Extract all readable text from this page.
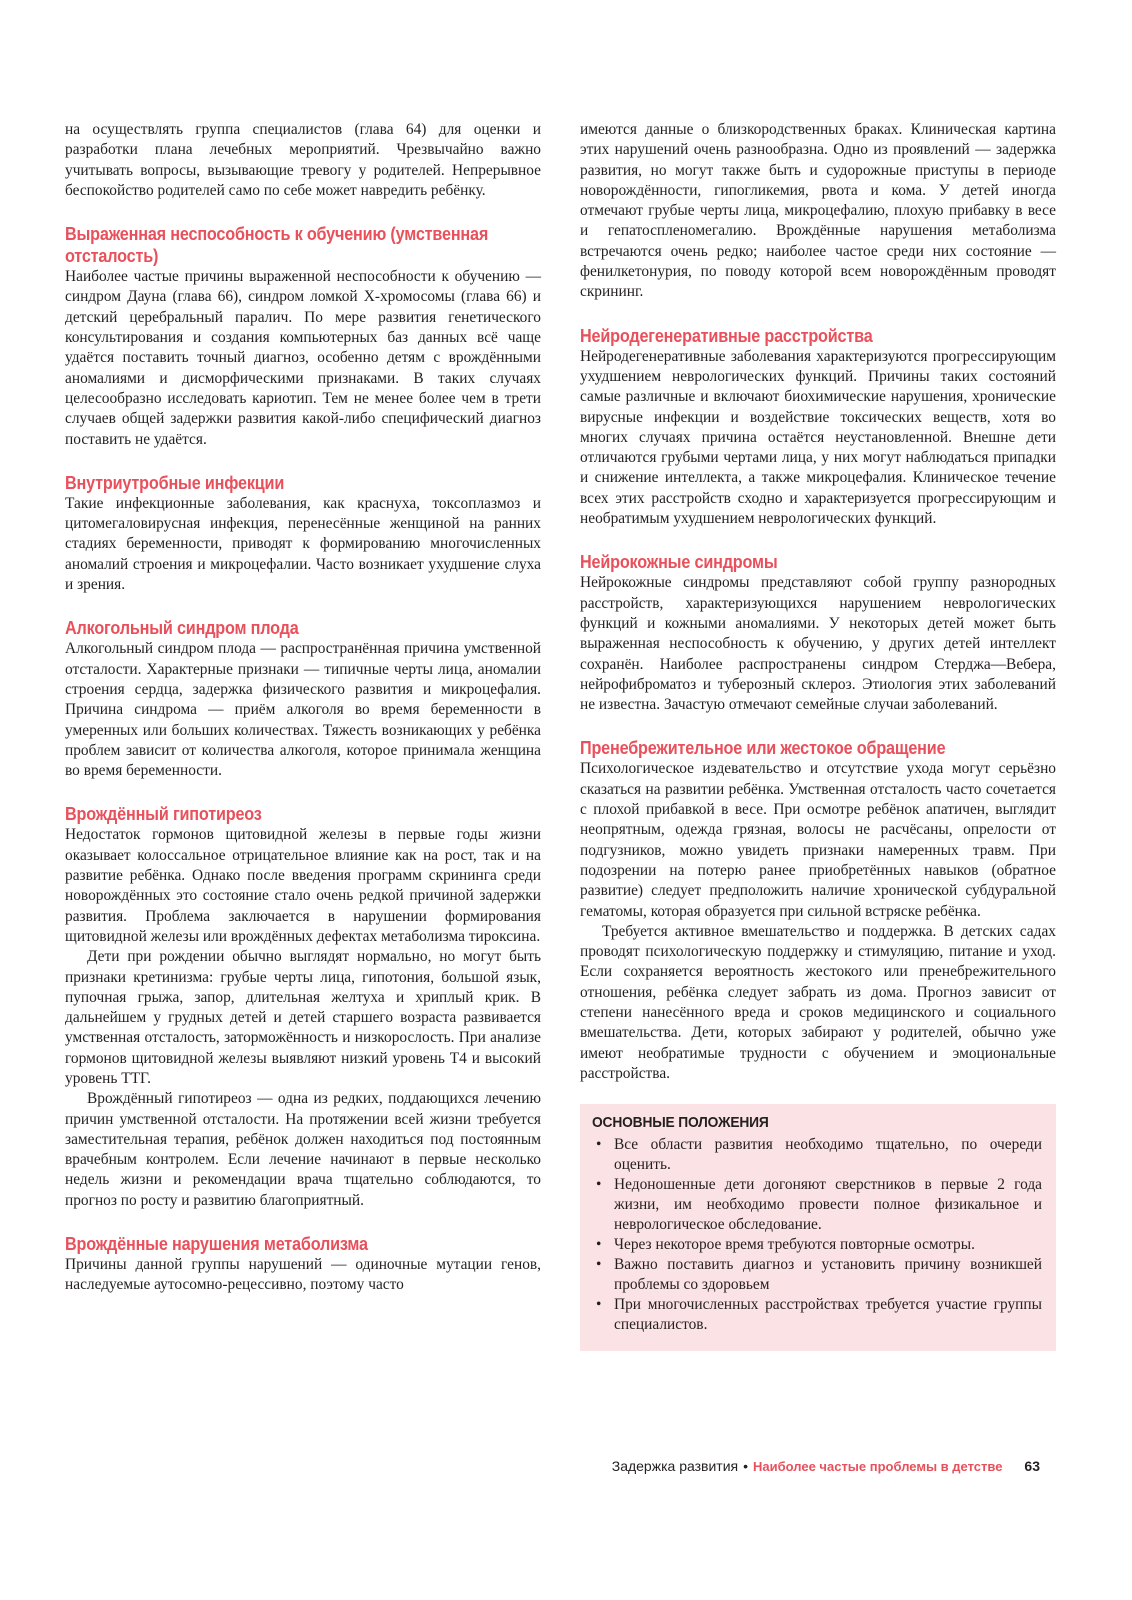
на осуществлять группа специалистов (глава 64) для оценки и разработки плана лечебных мероприятий. Чрезвычайно важно учитывать вопросы, вызывающие тревогу у родителей. Непрерывное беспокойство родителей само по себе может навредить ребёнку.

Выраженная неспособность к обучению (умственная отсталость)

Наиболее частые причины выраженной неспособности к обучению — синдром Дауна (глава 66), синдром ломкой X-хромосомы (глава 66) и детский церебральный паралич. По мере развития генетического консультирования и создания компьютерных баз данных всё чаще удаётся поставить точный диагноз, особенно детям с врождёнными аномалиями и дисморфическими признаками. В таких случаях целесообразно исследовать кариотип. Тем не менее более чем в трети случаев общей задержки развития какой-либо специфический диагноз поставить не удаётся.

Внутриутробные инфекции

Такие инфекционные заболевания, как краснуха, токсоплазмоз и цитомегаловирусная инфекция, перенесённые женщиной на ранних стадиях беременности, приводят к формированию многочисленных аномалий строения и микроцефалии. Часто возникает ухудшение слуха и зрения.

Алкогольный синдром плода

Алкогольный синдром плода — распространённая причина умственной отсталости. Характерные признаки — типичные черты лица, аномалии строения сердца, задержка физического развития и микроцефалия. Причина синдрома — приём алкоголя во время беременности в умеренных или больших количествах. Тяжесть возникающих у ребёнка проблем зависит от количества алкоголя, которое принимала женщина во время беременности.

Врождённый гипотиреоз

Недостаток гормонов щитовидной железы в первые годы жизни оказывает колоссальное отрицательное влияние как на рост, так и на развитие ребёнка. Однако после введения программ скрининга среди новорождённых это состояние стало очень редкой причиной задержки развития. Проблема заключается в нарушении формирования щитовидной железы или врождённых дефектах метаболизма тироксина.

Дети при рождении обычно выглядят нормально, но могут быть признаки кретинизма: грубые черты лица, гипотония, большой язык, пупочная грыжа, запор, длительная желтуха и хриплый крик. В дальнейшем у грудных детей и детей старшего возраста развивается умственная отсталость, заторможённость и низкорослость. При анализе гормонов щитовидной железы выявляют низкий уровень Т4 и высокий уровень ТТГ.

Врождённый гипотиреоз — одна из редких, поддающихся лечению причин умственной отсталости. На протяжении всей жизни требуется заместительная терапия, ребёнок должен находиться под постоянным врачебным контролем. Если лечение начинают в первые несколько недель жизни и рекомендации врача тщательно соблюдаются, то прогноз по росту и развитию благоприятный.

Врождённые нарушения метаболизма

Причины данной группы нарушений — одиночные мутации генов, наследуемые аутосомно-рецессивно, поэтому часто

имеются данные о близкородственных браках. Клиническая картина этих нарушений очень разнообразна. Одно из проявлений — задержка развития, но могут также быть и судорожные приступы в периоде новорождённости, гипогликемия, рвота и кома. У детей иногда отмечают грубые черты лица, микроцефалию, плохую прибавку в весе и гепатоспленомегалию. Врождённые нарушения метаболизма встречаются очень редко; наиболее частое среди них состояние — фенилкетонурия, по поводу которой всем новорождённым проводят скрининг.

Нейродегенеративные расстройства

Нейродегенеративные заболевания характеризуются прогрессирующим ухудшением неврологических функций. Причины таких состояний самые различные и включают биохимические нарушения, хронические вирусные инфекции и воздействие токсических веществ, хотя во многих случаях причина остаётся неустановленной. Внешне дети отличаются грубыми чертами лица, у них могут наблюдаться припадки и снижение интеллекта, а также микроцефалия. Клиническое течение всех этих расстройств сходно и характеризуется прогрессирующим и необратимым ухудшением неврологических функций.

Нейрокожные синдромы

Нейрокожные синдромы представляют собой группу разнородных расстройств, характеризующихся нарушением неврологических функций и кожными аномалиями. У некоторых детей может быть выраженная неспособность к обучению, у других детей интеллект сохранён. Наиболее распространены синдром Стерджа—Вебера, нейрофиброматоз и туберозный склероз. Этиология этих заболеваний не известна. Зачастую отмечают семейные случаи заболеваний.

Пренебрежительное или жестокое обращение

Психологическое издевательство и отсутствие ухода могут серьёзно сказаться на развитии ребёнка. Умственная отсталость часто сочетается с плохой прибавкой в весе. При осмотре ребёнок апатичен, выглядит неопрятным, одежда грязная, волосы не расчёсаны, опрелости от подгузников, можно увидеть признаки намеренных травм. При подозрении на потерю ранее приобретённых навыков (обратное развитие) следует предположить наличие хронической субдуральной гематомы, которая образуется при сильной встряске ребёнка.

Требуется активное вмешательство и поддержка. В детских садах проводят психологическую поддержку и стимуляцию, питание и уход. Если сохраняется вероятность жестокого или пренебрежительного отношения, ребёнка следует забрать из дома. Прогноз зависит от степени нанесённого вреда и сроков медицинского и социального вмешательства. Дети, которых забирают у родителей, обычно уже имеют необратимые трудности с обучением и эмоциональные расстройства.

ОСНОВНЫЕ ПОЛОЖЕНИЯ
• Все области развития необходимо тщательно, по очереди оценить.
• Недоношенные дети догоняют сверстников в первые 2 года жизни, им необходимо провести полное физикальное и неврологическое обследование.
• Через некоторое время требуются повторные осмотры.
• Важно поставить диагноз и установить причину возникшей проблемы со здоровьем
• При многочисленных расстройствах требуется участие группы специалистов.
Задержка развития • Наиболее частые проблемы в детстве 63
